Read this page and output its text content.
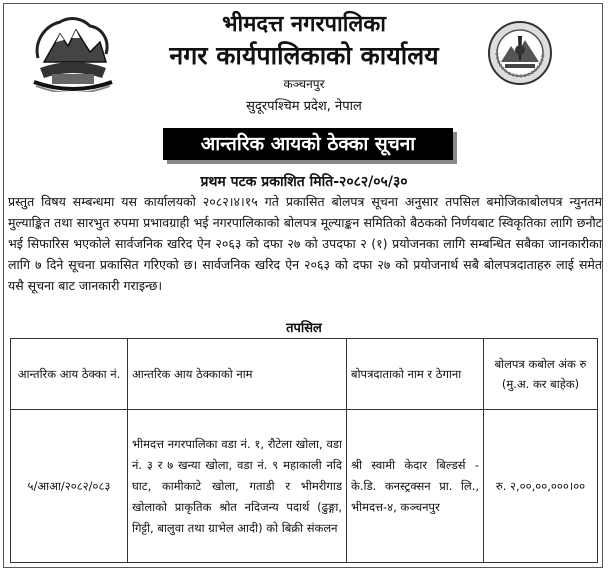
भीमदत्त नगरपालिका
नगर कार्यपालिकाको कार्यालय
कञ्चनपुर
सुदूरपश्चिम प्रदेश, नेपाल
आन्तरिक आयको ठेक्का सूचना
प्रथम पटक प्रकाशित मिति-२०८२/०५/३०
प्रस्तुत विषय सम्बन्धमा यस कार्यालयको २०८२।४।१५ गते प्रकासित बोलपत्र सूचना अनुसार तपसिल बमोजिकाबोलपत्र न्युनतम मुल्याङ्कित तथा सारभुत रुपमा प्रभावग्राही भई नगरपालिकाको बोलपत्र मूल्याङ्कन समितिको बैठकको निर्णयबाट स्विकृतिका लागि छनौट भई सिफारिस भएकोले सार्वजनिक खरिद ऐन २०६३ को दफा २७ को उपदफा २ (१) प्रयोजनका लागि सम्बन्धित सबैका जानकारीका लागि ७ दिने सूचना प्रकासित गरिएको छ। सार्वजनिक खरिद ऐन २०६३ को दफा २७ को प्रयोजनार्थ सबै बोलपत्रदाताहरु लाई समेत यसै सूचना बाट जानकारी गराइन्छ।
तपसिल
आन्तरिक आय ठेक्का नं.	आन्तरिक आय ठेक्काको नाम	बोपत्रदाताको नाम र ठेगाना	बोलपत्र कबोल अंक रु (मु.अ. कर बाहेक)
५/आआ/२०८२/०८३	भीमदत्त नगरपालिका वडा नं. १, रौटेला खोला, वडा नं. ३ र ७ खन्या खोला, वडा नं. ९ महाकाली नदि घाट, कामीकाटे खोला, गताडी र भीमरीगाड खोलाको प्राकृतिक श्रोत नदिजन्य पदार्थ (ढुङ्गा, गिट्टी, बालुवा तथा ग्राभेल आदी) को बिक्री संकलन	श्री स्वामी केदार बिल्डर्स - के.डि. कनस्ट्रक्सन प्रा. लि., भीमदत्त-४, कञ्चनपुर	रु. २,००,००,०००।००
